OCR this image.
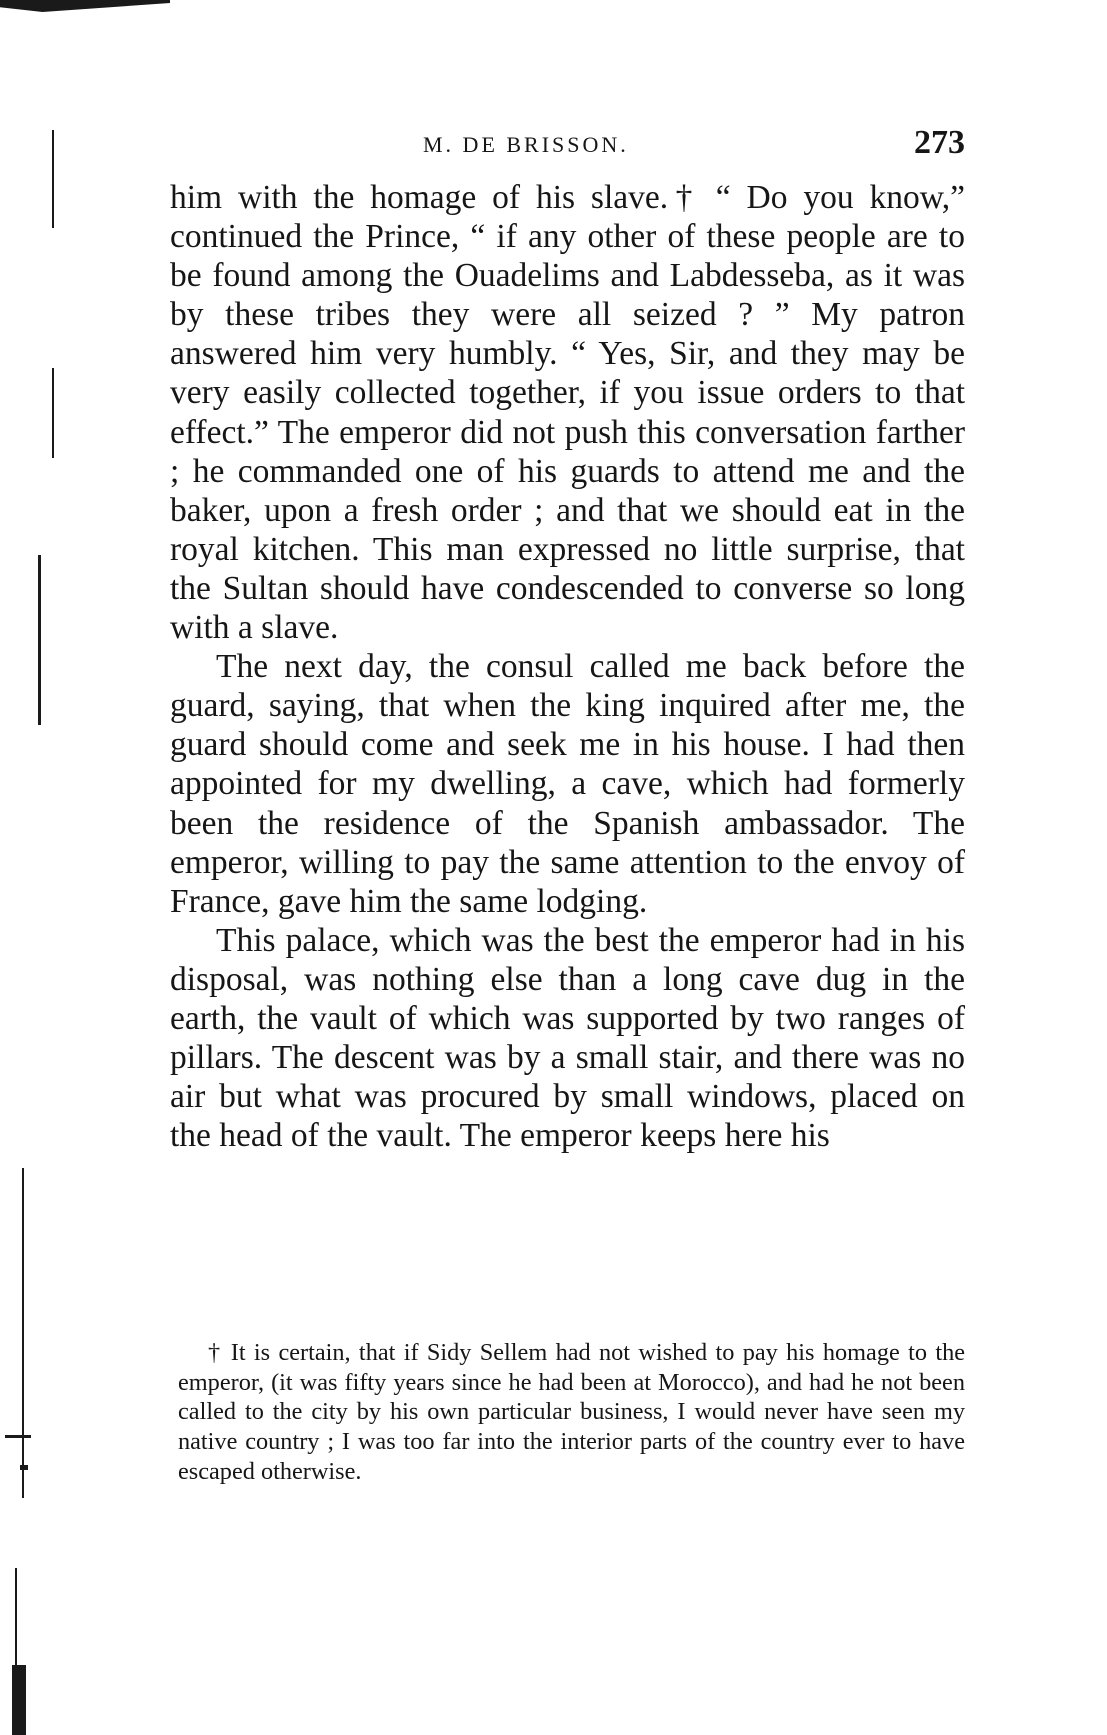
M. DE BRISSON.	273

him with the homage of his slave.† “ Do you know,” continued the Prince, “ if any other of these people are to be found among the Ouadelims and Labdesseba, as it was by these tribes they were all seized ? ” My patron answered him very humbly. “ Yes, Sir, and they may be very easily collected together, if you issue orders to that effect.” The emperor did not push this conversation farther ; he commanded one of his guards to attend me and the baker, upon a fresh order ; and that we should eat in the royal kitchen. This man expressed no little surprise, that the Sultan should have condescended to converse so long with a slave.

The next day, the consul called me back before the guard, saying, that when the king inquired after me, the guard should come and seek me in his house. I had then appointed for my dwelling, a cave, which had formerly been the residence of the Spanish ambassador. The emperor, willing to pay the same attention to the envoy of France, gave him the same lodging.

This palace, which was the best the emperor had in his disposal, was nothing else than a long cave dug in the earth, the vault of which was supported by two ranges of pillars. The descent was by a small stair, and there was no air but what was procured by small windows, placed on the head of the vault. The emperor keeps here his

† It is certain, that if Sidy Sellem had not wished to pay his homage to the emperor, (it was fifty years since he had been at Morocco), and had he not been called to the city by his own particular business, I would never have seen my native country ; I was too far into the interior parts of the country ever to have escaped otherwise.
